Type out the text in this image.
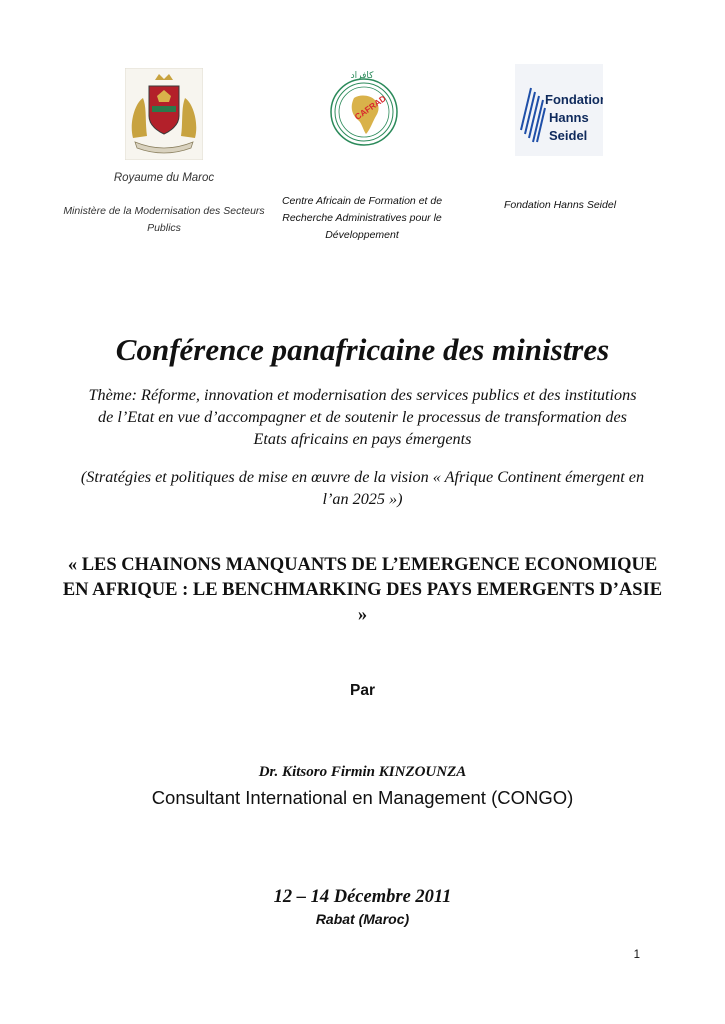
كافراد
CAFRAD	Fondation
Hanns
Seidel
Royaume du Maroc
Ministère de la Modernisation des Secteurs Publics
Centre Africain de Formation et de Recherche Administratives pour le Développement
Fondation Hanns Seidel
Conférence panafricaine des ministres
Thème: Réforme, innovation et modernisation des services publics et des institutions de l’Etat en vue d’accompagner et de soutenir le processus de transformation des Etats africains en pays émergents
(Stratégies et politiques de mise en œuvre de la vision « Afrique Continent émergent en l’an 2025 »)
« LES CHAINONS MANQUANTS DE L’EMERGENCE ECONOMIQUE EN AFRIQUE : LE BENCHMARKING DES PAYS EMERGENTS D’ASIE »
Par
Dr. Kitsoro Firmin KINZOUNZA
Consultant International en Management (CONGO)
12 – 14 Décembre 2011
Rabat (Maroc)
1
